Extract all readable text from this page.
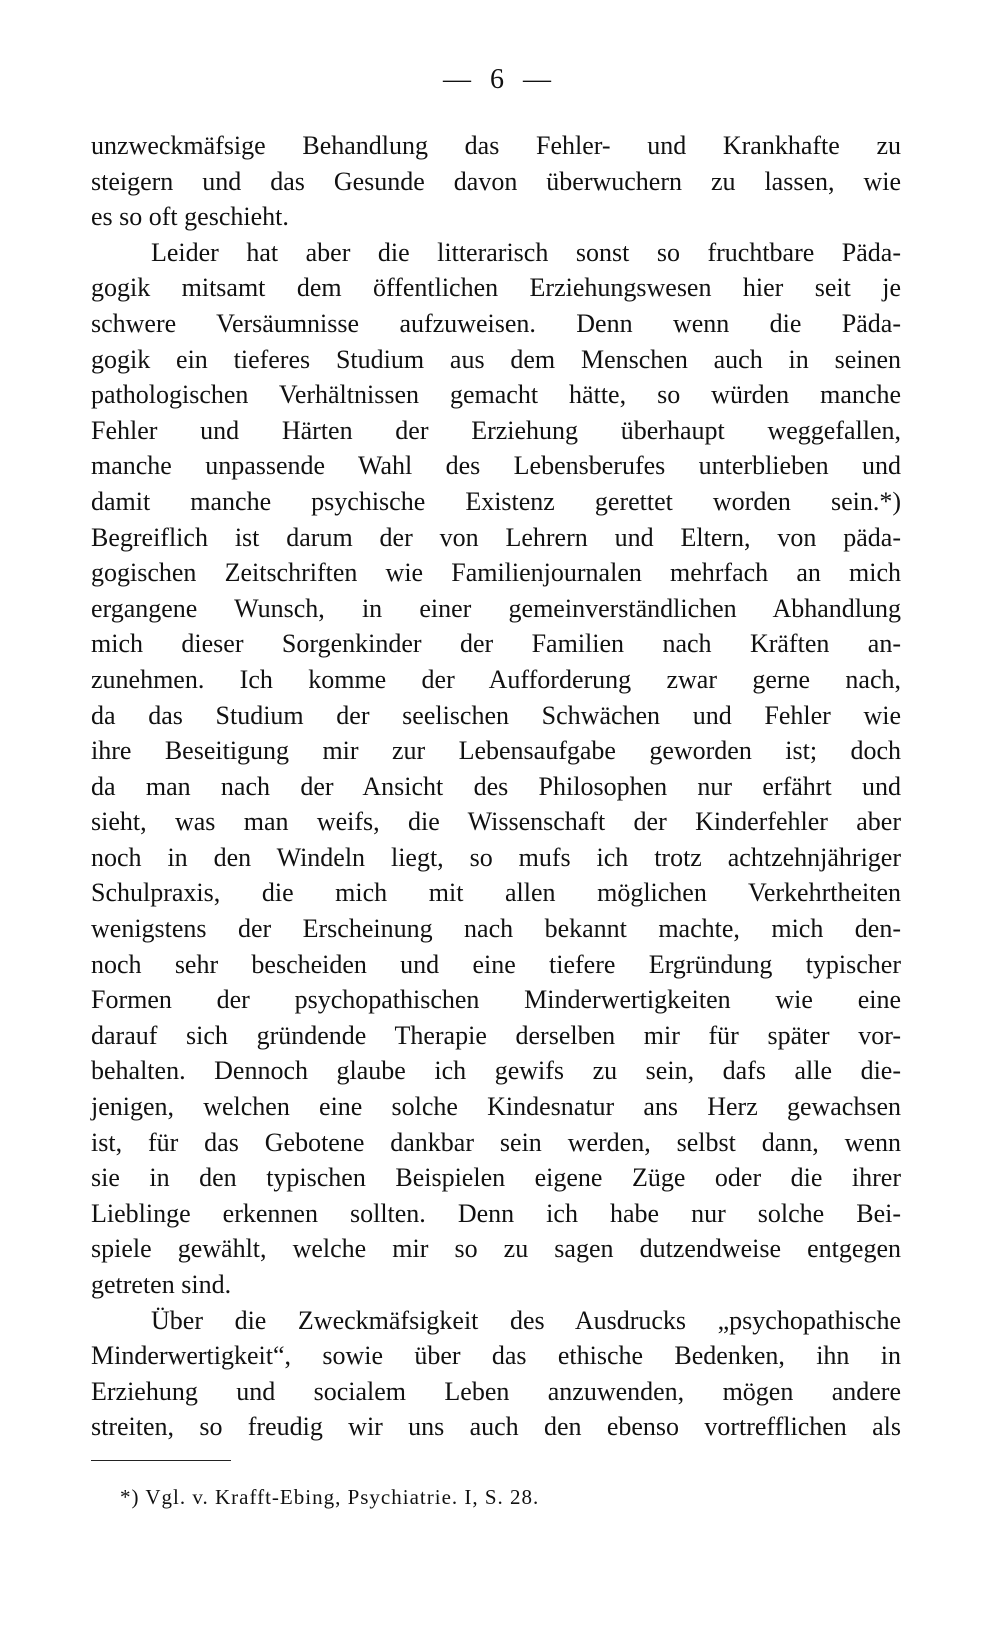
— 6 —
unzweckmäfsige Behandlung das Fehler- und Krankhafte zu
steigern und das Gesunde davon überwuchern zu lassen, wie
es so oft geschieht.
Leider hat aber die litterarisch sonst so fruchtbare Päda-
gogik mitsamt dem öffentlichen Erziehungswesen hier seit je
schwere Versäumnisse aufzuweisen. Denn wenn die Päda-
gogik ein tieferes Studium aus dem Menschen auch in seinen
pathologischen Verhältnissen gemacht hätte, so würden manche
Fehler und Härten der Erziehung überhaupt weggefallen,
manche unpassende Wahl des Lebensberufes unterblieben und
damit manche psychische Existenz gerettet worden sein.*)
Begreiflich ist darum der von Lehrern und Eltern, von päda-
gogischen Zeitschriften wie Familienjournalen mehrfach an mich
ergangene Wunsch, in einer gemeinverständlichen Abhandlung
mich dieser Sorgenkinder der Familien nach Kräften an-
zunehmen. Ich komme der Aufforderung zwar gerne nach,
da das Studium der seelischen Schwächen und Fehler wie
ihre Beseitigung mir zur Lebensaufgabe geworden ist; doch
da man nach der Ansicht des Philosophen nur erfährt und
sieht, was man weifs, die Wissenschaft der Kinderfehler aber
noch in den Windeln liegt, so mufs ich trotz achtzehnjähriger
Schulpraxis, die mich mit allen möglichen Verkehrtheiten
wenigstens der Erscheinung nach bekannt machte, mich den-
noch sehr bescheiden und eine tiefere Ergründung typischer
Formen der psychopathischen Minderwertigkeiten wie eine
darauf sich gründende Therapie derselben mir für später vor-
behalten. Dennoch glaube ich gewifs zu sein, dafs alle die-
jenigen, welchen eine solche Kindesnatur ans Herz gewachsen
ist, für das Gebotene dankbar sein werden, selbst dann, wenn
sie in den typischen Beispielen eigene Züge oder die ihrer
Lieblinge erkennen sollten. Denn ich habe nur solche Bei-
spiele gewählt, welche mir so zu sagen dutzendweise entgegen
getreten sind.
Über die Zweckmäfsigkeit des Ausdrucks „psychopathische
Minderwertigkeit“, sowie über das ethische Bedenken, ihn in
Erziehung und socialem Leben anzuwenden, mögen andere
streiten, so freudig wir uns auch den ebenso vortrefflichen als
*) Vgl. v. Krafft-Ebing, Psychiatrie. I, S. 28.
